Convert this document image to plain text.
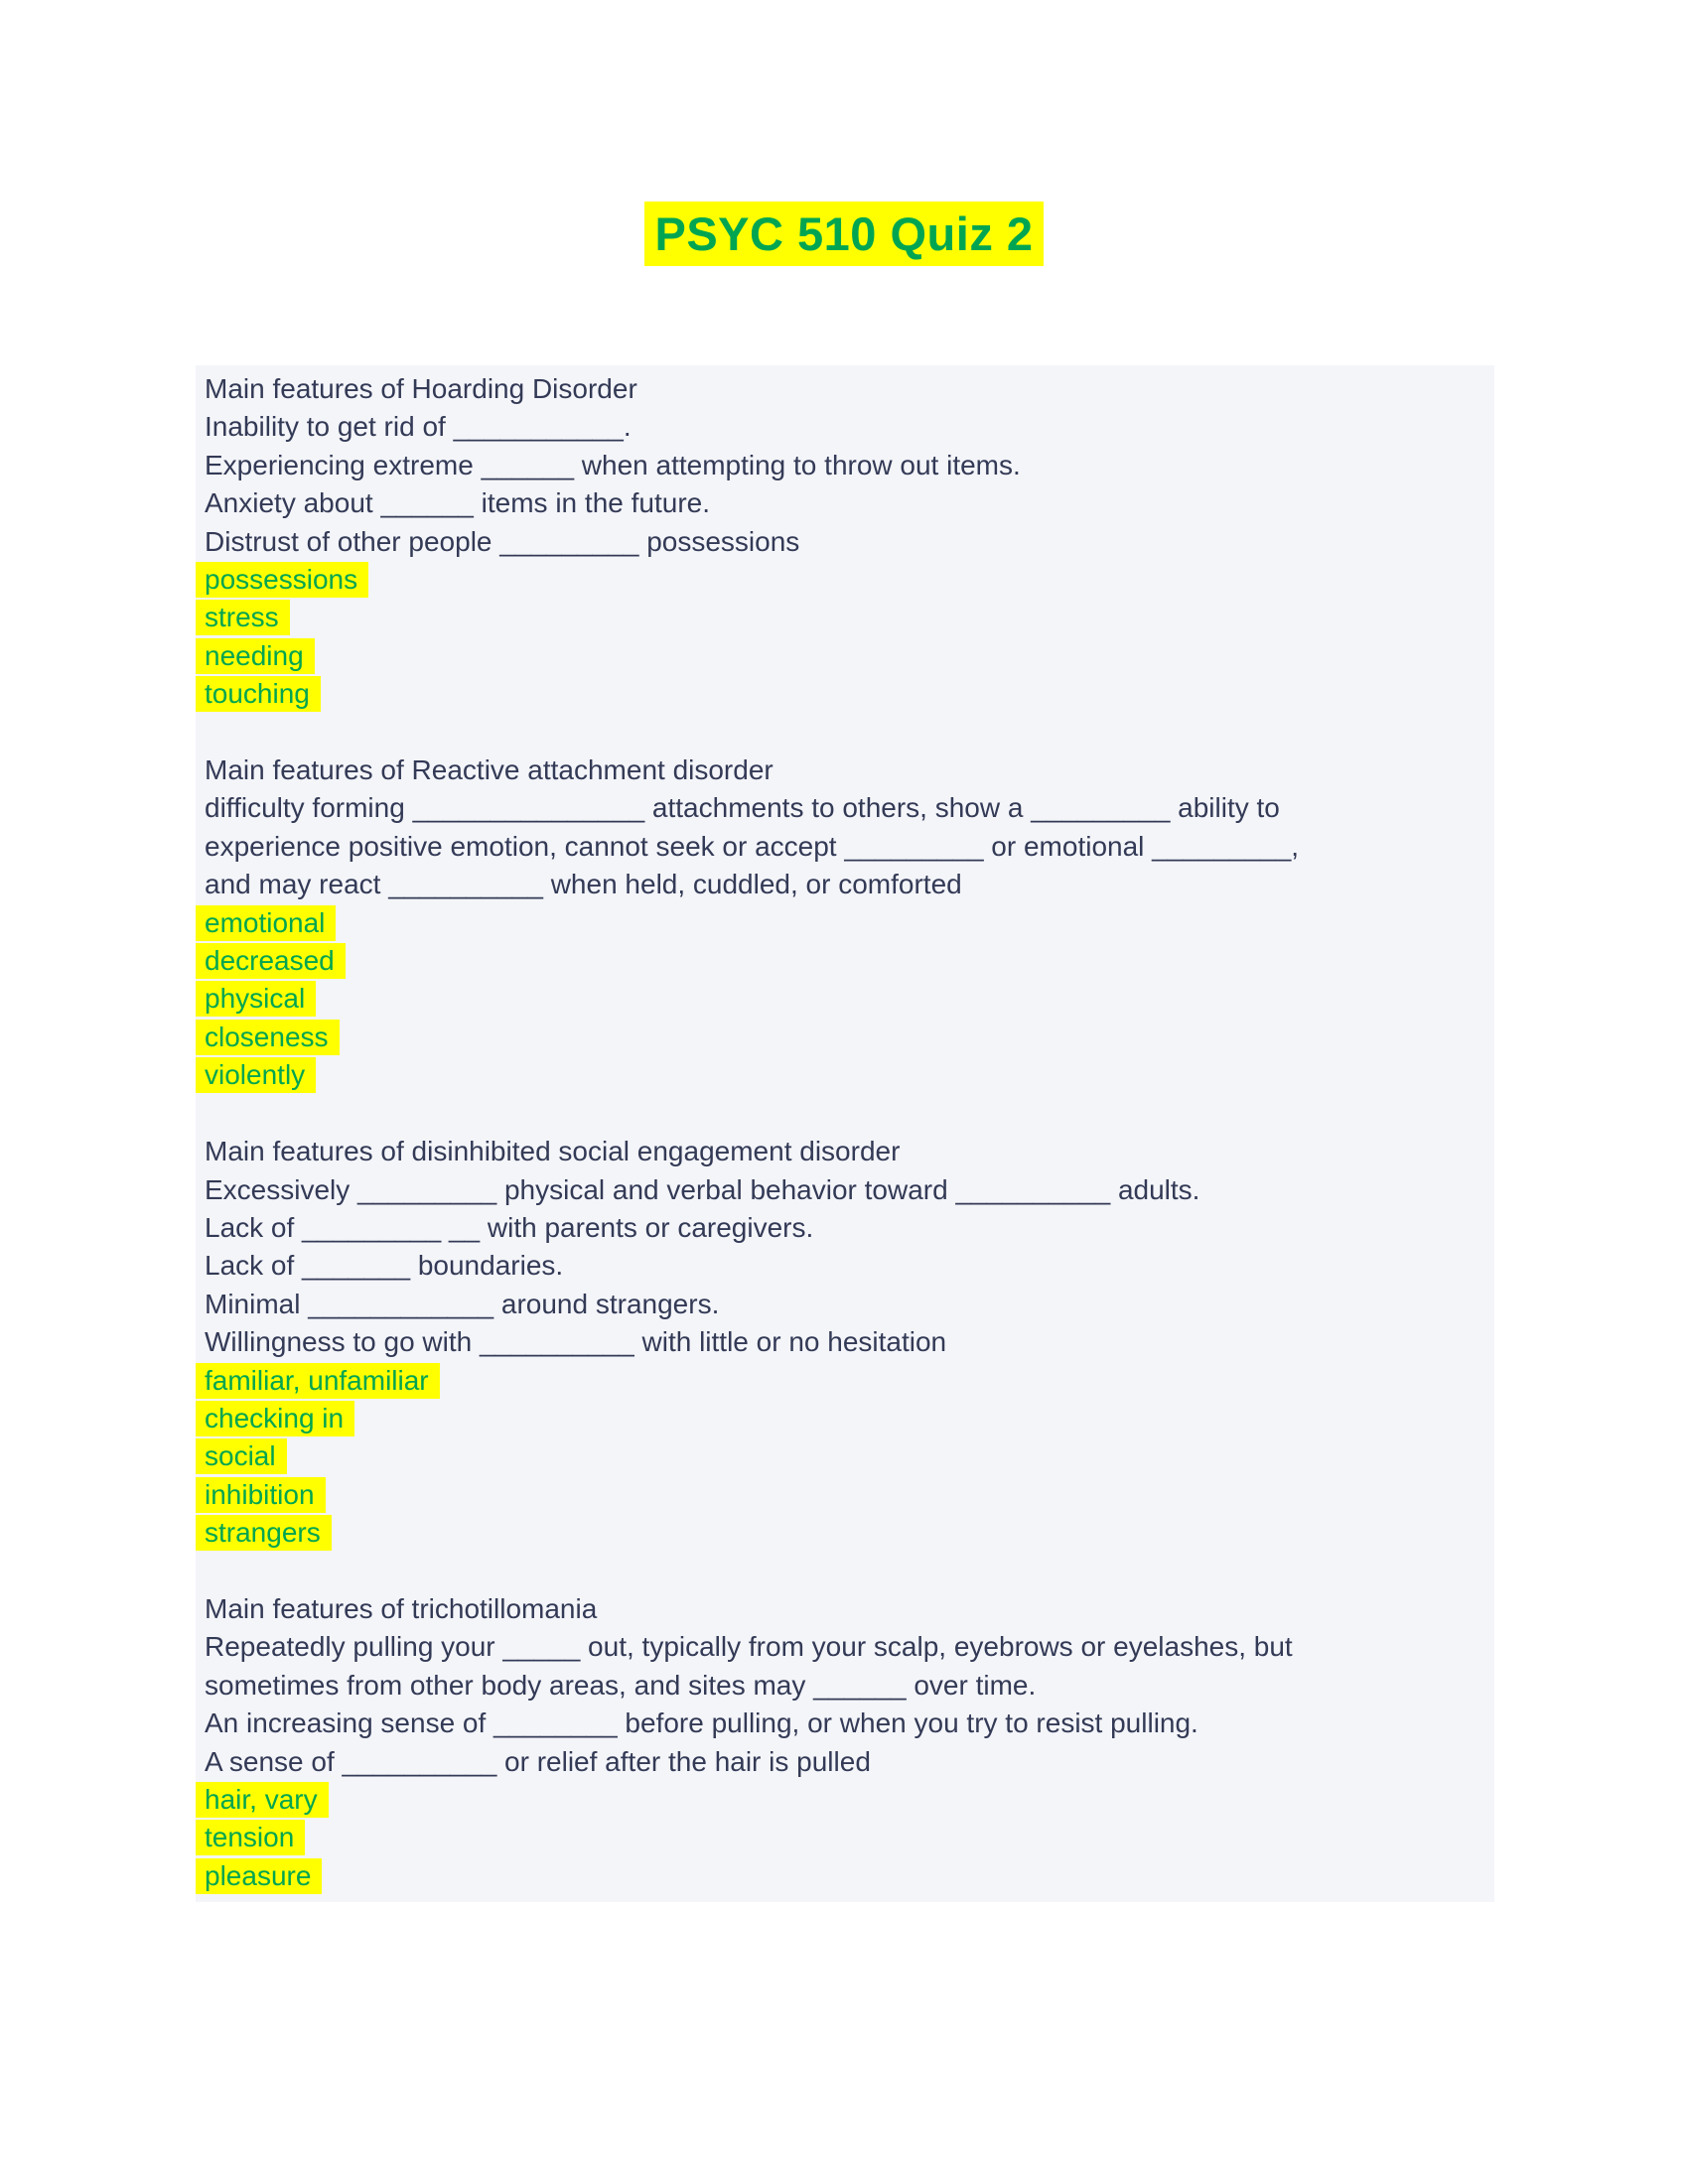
PSYC 510 Quiz 2
Main features of Hoarding Disorder
Inability to get rid of ___________.
Experiencing extreme ______ when attempting to throw out items.
Anxiety about ______ items in the future.
Distrust of other people _________ possessions
possessions
stress
needing
touching
Main features of Reactive attachment disorder
difficulty forming _______________ attachments to others, show a _________ ability to
experience positive emotion, cannot seek or accept _________ or emotional _________,
and may react __________ when held, cuddled, or comforted
emotional
decreased
physical
closeness
violently
Main features of disinhibited social engagement disorder
Excessively _________ physical and verbal behavior toward __________ adults.
Lack of _________ __ with parents or caregivers.
Lack of _______ boundaries.
Minimal ____________ around strangers.
Willingness to go with __________ with little or no hesitation
familiar, unfamiliar
checking in
social
inhibition
strangers
Main features of trichotillomania
Repeatedly pulling your _____ out, typically from your scalp, eyebrows or eyelashes, but
sometimes from other body areas, and sites may ______ over time.
An increasing sense of ________ before pulling, or when you try to resist pulling.
A sense of __________ or relief after the hair is pulled
hair, vary
tension
pleasure
